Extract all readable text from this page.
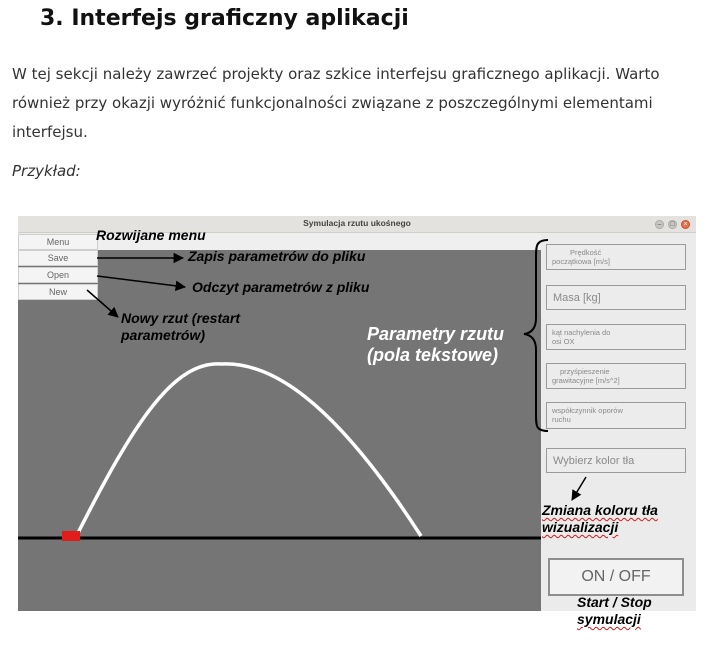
3. Interfejs graficzny aplikacji
W tej sekcji należy zawrzeć projekty oraz szkice interfejsu graficznego aplikacji. Warto również przy okazji wyróżnić funkcjonalności związane z poszczególnymi elementami interfejsu.
Przykład:
Symulacja rzutu ukośnego	–	□	×
Menu
Save
Open
New
Prędkość
początkowa [m/s]
Masa [kg]
kąt nachylenia do
osi OX
przyśpieszenie
grawitacyjne [m/s^2]
współczynnik oporów
ruchu
Wybierz kolor tła
ON / OFF
Rozwijane menu
Zapis parametrów do pliku
Odczyt parametrów z pliku
Nowy rzut (restart
parametrów)	Parametry rzutu
(pola tekstowe)
Zmiana koloru tła
wizualizacji
Start / Stop
symulacji
